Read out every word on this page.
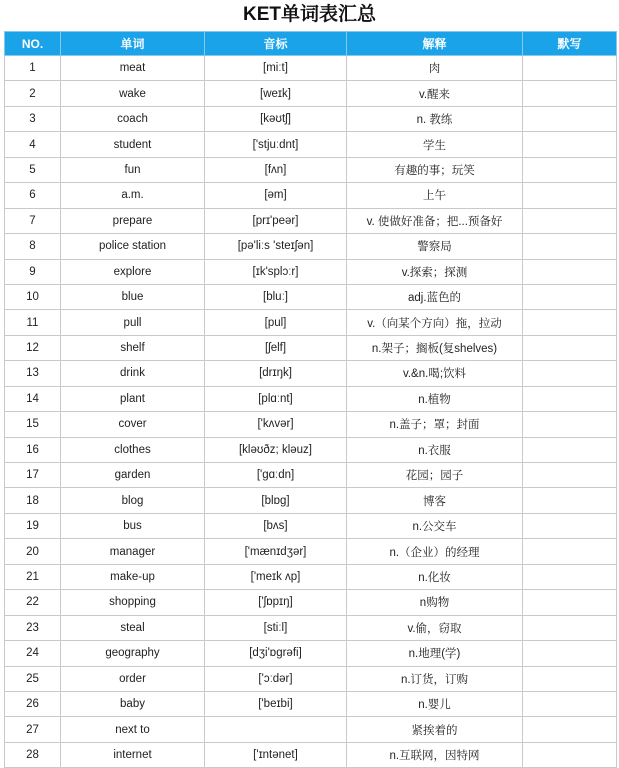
KET单词表汇总
NO.	单词	音标	解释	默写
1	meat	[miːt]	肉	
2	wake	[weɪk]	v.醒来	
3	coach	[kəʊtʃ]	n. 教练	
4	student	['stjuːdnt]	学生	
5	fun	[fʌn]	有趣的事；玩笑	
6	a.m.	[əm]	上午	
7	prepare	[prɪ'peər]	v. 使做好准备；把...预备好	
8	police station	[pə'liːs 'steɪʃən]	警察局	
9	explore	[ɪk'splɔːr]	v.探索；探测	
10	blue	[bluː]	adj.蓝色的	
11	pull	[pul]	v.（向某个方向）拖，拉动	
12	shelf	[ʃelf]	n.架子；搁板(复shelves)	
13	drink	[drɪŋk]	v.&n.喝;饮料	
14	plant	[plɑːnt]	n.植物	
15	cover	['kʌvər]	n.盖子；罩；封面	
16	clothes	[kləʊðz; kləuz]	n.衣服	
17	garden	['gɑːdn]	花园；园子	
18	blog	[blɒg]	博客	
19	bus	[bʌs]	n.公交车	
20	manager	['mænɪdʒər]	n.（企业）的经理	
21	make-up	['meɪk ʌp]	n.化妆	
22	shopping	['ʃɒpɪŋ]	n购物	
23	steal	[stiːl]	v.偷，窃取	
24	geography	[dʒi'ɒgrəfi]	n.地理(学)	
25	order	['ɔːdər]	n.订货，订购	
26	baby	['beɪbi]	n.婴儿	
27	next to		紧挨着的	
28	internet	['ɪntənet]	n.互联网，因特网	
